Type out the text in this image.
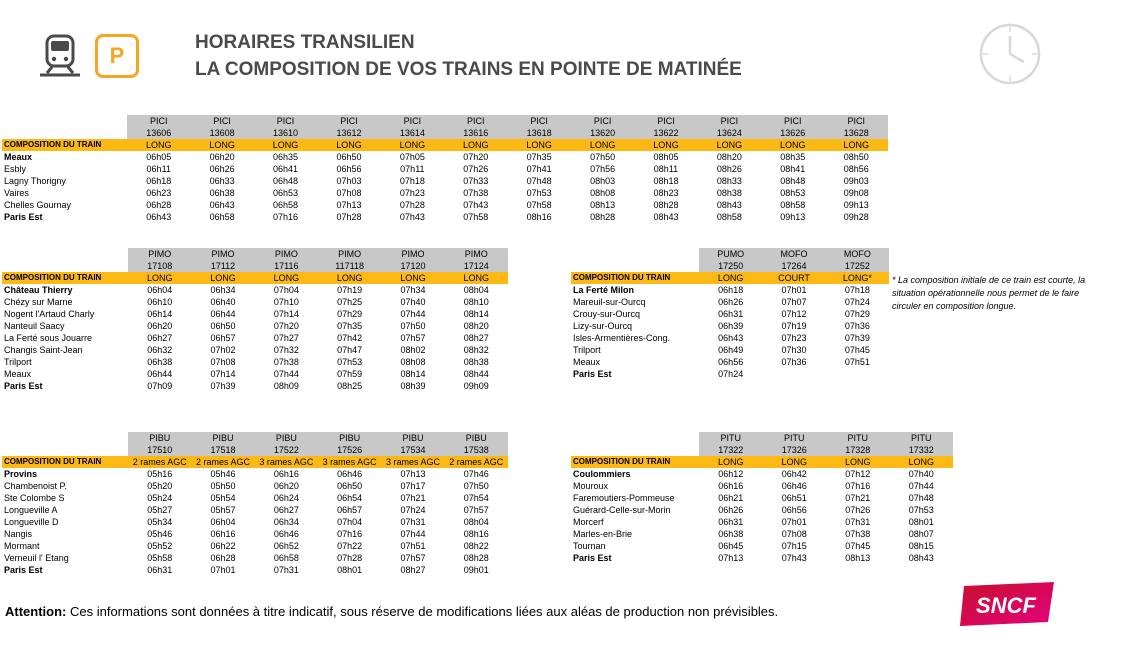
P
HORAIRES TRANSILIEN
LA COMPOSITION DE VOS TRAINS EN POINTE DE MATINÉE
	PICI	PICI	PICI	PICI	PICI	PICI	PICI	PICI	PICI	PICI	PICI	PICI
	13606	13608	13610	13612	13614	13616	13618	13620	13622	13624	13626	13628
COMPOSITION DU TRAIN	LONG	LONG	LONG	LONG	LONG	LONG	LONG	LONG	LONG	LONG	LONG	LONG
Meaux	06h05	06h20	06h35	06h50	07h05	07h20	07h35	07h50	08h05	08h20	08h35	08h50
Esbly	06h11	06h26	06h41	06h56	07h11	07h26	07h41	07h56	08h11	08h26	08h41	08h56
Lagny Thorigny	06h18	06h33	06h48	07h03	07h18	07h33	07h48	08h03	08h18	08h33	08h48	09h03
Vaires	06h23	06h38	06h53	07h08	07h23	07h38	07h53	08h08	08h23	08h38	08h53	09h08
Chelles Gournay	06h28	06h43	06h58	07h13	07h28	07h43	07h58	08h13	08h28	08h43	08h58	09h13
Paris Est	06h43	06h58	07h16	07h28	07h43	07h58	08h16	08h28	08h43	08h58	09h13	09h28
	PIMO	PIMO	PIMO	PIMO	PIMO	PIMO
	17108	17112	17116	117118	17120	17124
COMPOSITION DU TRAIN	LONG	LONG	LONG	LONG	LONG	LONG
Château Thierry	06h04	06h34	07h04	07h19	07h34	08h04
Chézy sur Marne	06h10	06h40	07h10	07h25	07h40	08h10
Nogent l'Artaud Charly	06h14	06h44	07h14	07h29	07h44	08h14
Nanteuil Saacy	06h20	06h50	07h20	07h35	07h50	08h20
La Ferté sous Jouarre	06h27	06h57	07h27	07h42	07h57	08h27
Changis Saint-Jean	06h32	07h02	07h32	07h47	08h02	08h32
Trilport	06h38	07h08	07h38	07h53	08h08	08h38
Meaux	06h44	07h14	07h44	07h59	08h14	08h44
Paris Est	07h09	07h39	08h09	08h25	08h39	09h09
	PUMO	MOFO	MOFO
	17250	17264	17252
COMPOSITION DU TRAIN	LONG	COURT	LONG*
La Ferté Milon	06h18	07h01	07h18
Mareuil-sur-Ourcq	06h26	07h07	07h24
Crouy-sur-Ourcq	06h31	07h12	07h29
Lizy-sur-Ourcq	06h39	07h19	07h36
Isles-Armentières-Cong.	06h43	07h23	07h39
Trilport	06h49	07h30	07h45
Meaux	06h56	07h36	07h51
Paris Est	07h24		
	PIBU	PIBU	PIBU	PIBU	PIBU	PIBU
	17510	17518	17522	17526	17534	17538
COMPOSITION DU TRAIN	2 rames AGC	2 rames AGC	3 rames AGC	3 rames AGC	3 rames AGC	2 rames AGC
Provins	05h16	05h46	06h16	06h46	07h13	07h46
Chambenoist P.	05h20	05h50	06h20	06h50	07h17	07h50
Ste Colombe S	05h24	05h54	06h24	06h54	07h21	07h54
Longueville A	05h27	05h57	06h27	06h57	07h24	07h57
Longueville D	05h34	06h04	06h34	07h04	07h31	08h04
Nangis	05h46	06h16	06h46	07h16	07h44	08h16
Mormant	05h52	06h22	06h52	07h22	07h51	08h22
Verneuil l' Etang	05h58	06h28	06h58	07h28	07h57	08h28
Paris Est	06h31	07h01	07h31	08h01	08h27	09h01
	PITU	PITU	PITU	PITU
	17322	17326	17328	17332
COMPOSITION DU TRAIN	LONG	LONG	LONG	LONG
Coulommiers	06h12	06h42	07h12	07h40
Mouroux	06h16	06h46	07h16	07h44
Faremoutiers-Pommeuse	06h21	06h51	07h21	07h48
Guérard-Celle-sur-Morin	06h26	06h56	07h26	07h53
Morcerf	06h31	07h01	07h31	08h01
Marles-en-Brie	06h38	07h08	07h38	08h07
Tournan	06h45	07h15	07h45	08h15
Paris Est	07h13	07h43	08h13	08h43
* La composition initiale de ce train est courte, la situation opérationnelle nous permet de le faire circuler en composition longue.
Attention: Ces informations sont données à titre indicatif, sous réserve de modifications liées aux aléas de production non prévisibles.	SNCF
